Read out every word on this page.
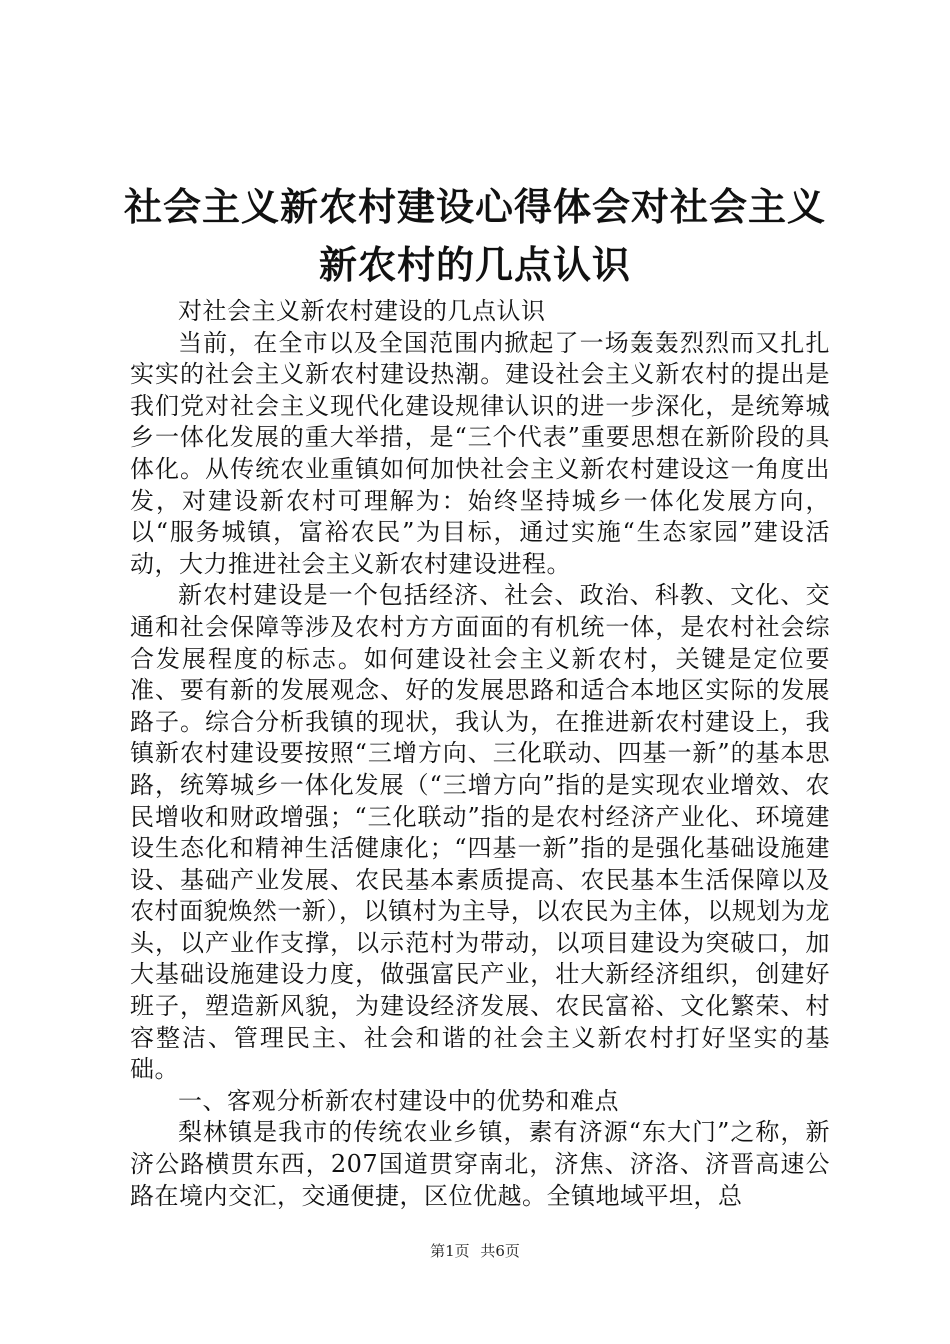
社会主义新农村建设心得体会对社会主义新农村的几点认识

对社会主义新农村建设的几点认识

当前，在全市以及全国范围内掀起了一场轰轰烈烈而又扎扎实实的社会主义新农村建设热潮。建设社会主义新农村的提出是我们党对社会主义现代化建设规律认识的进一步深化，是统筹城乡一体化发展的重大举措，是“三个代表”重要思想在新阶段的具体化。从传统农业重镇如何加快社会主义新农村建设这一角度出发，对建设新农村可理解为：始终坚持城乡一体化发展方向，以“服务城镇，富裕农民”为目标，通过实施“生态家园”建设活动，大力推进社会主义新农村建设进程。

新农村建设是一个包括经济、社会、政治、科教、文化、交通和社会保障等涉及农村方方面面的有机统一体，是农村社会综合发展程度的标志。如何建设社会主义新农村，关键是定位要准、要有新的发展观念、好的发展思路和适合本地区实际的发展路子。综合分析我镇的现状，我认为，在推进新农村建设上，我镇新农村建设要按照“三增方向、三化联动、四基一新”的基本思路，统筹城乡一体化发展（“三增方向”指的是实现农业增效、农民增收和财政增强；“三化联动”指的是农村经济产业化、环境建设生态化和精神生活健康化；“四基一新”指的是强化基础设施建设、基础产业发展、农民基本素质提高、农民基本生活保障以及农村面貌焕然一新），以镇村为主导，以农民为主体，以规划为龙头，以产业作支撑，以示范村为带动，以项目建设为突破口，加大基础设施建设力度，做强富民产业，壮大新经济组织，创建好班子，塑造新风貌，为建设经济发展、农民富裕、文化繁荣、村容整洁、管理民主、社会和谐的社会主义新农村打好坚实的基础。

一、客观分析新农村建设中的优势和难点

梨林镇是我市的传统农业乡镇，素有济源“东大门”之称，新济公路横贯东西，207国道贯穿南北，济焦、济洛、济晋高速公路在境内交汇，交通便捷，区位优越。全镇地域平坦，总

第1页 共6页
